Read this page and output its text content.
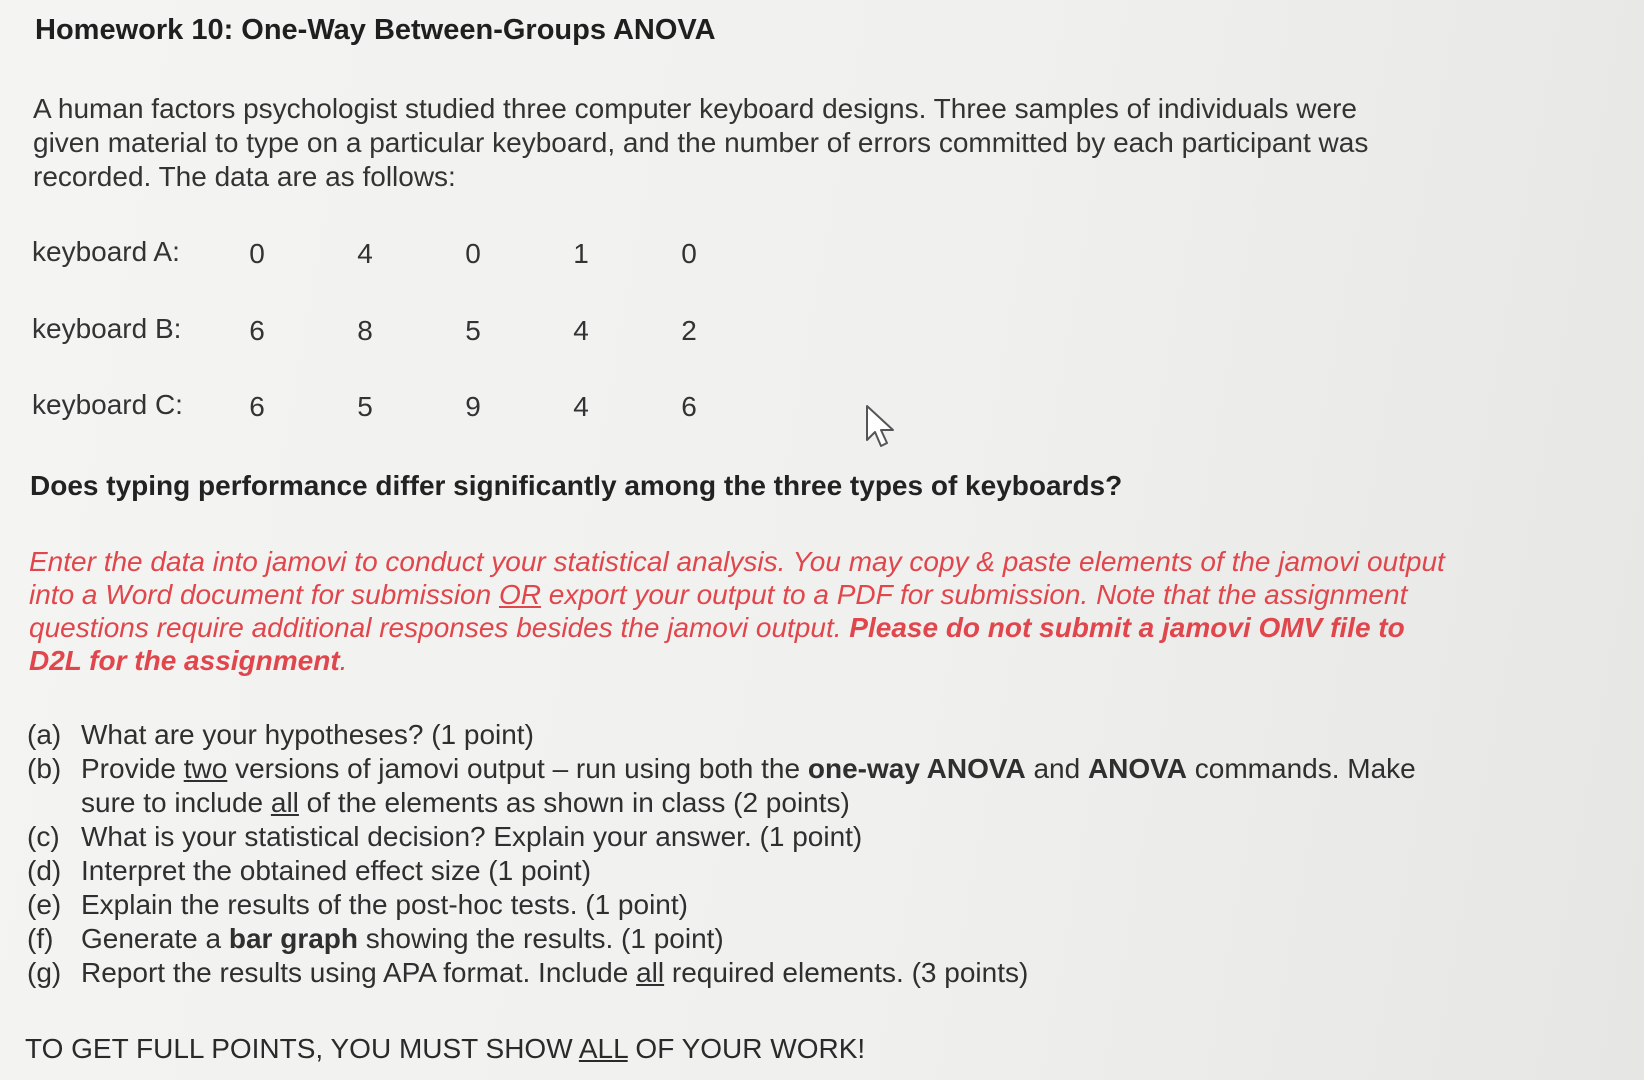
Homework 10: One-Way Between-Groups ANOVA
A human factors psychologist studied three computer keyboard designs. Three samples of individuals were given material to type on a particular keyboard, and the number of errors committed by each participant was recorded. The data are as follows:
keyboard A: 0	4	0	1	0
keyboard B: 6	8	5	4	2
keyboard C: 6	5	9	4	6
Does typing performance differ significantly among the three types of keyboards?
Enter the data into jamovi to conduct your statistical analysis. You may copy & paste elements of the jamovi output into a Word document for submission OR export your output to a PDF for submission. Note that the assignment questions require additional responses besides the jamovi output. Please do not submit a jamovi OMV file to D2L for the assignment.
(a) What are your hypotheses? (1 point)
(b) Provide two versions of jamovi output – run using both the one-way ANOVA and ANOVA commands. Make sure to include all of the elements as shown in class (2 points)
(c) What is your statistical decision? Explain your answer. (1 point)
(d) Interpret the obtained effect size (1 point)
(e) Explain the results of the post-hoc tests. (1 point)
(f) Generate a bar graph showing the results. (1 point)
(g) Report the results using APA format. Include all required elements. (3 points)
TO GET FULL POINTS, YOU MUST SHOW ALL OF YOUR WORK!
